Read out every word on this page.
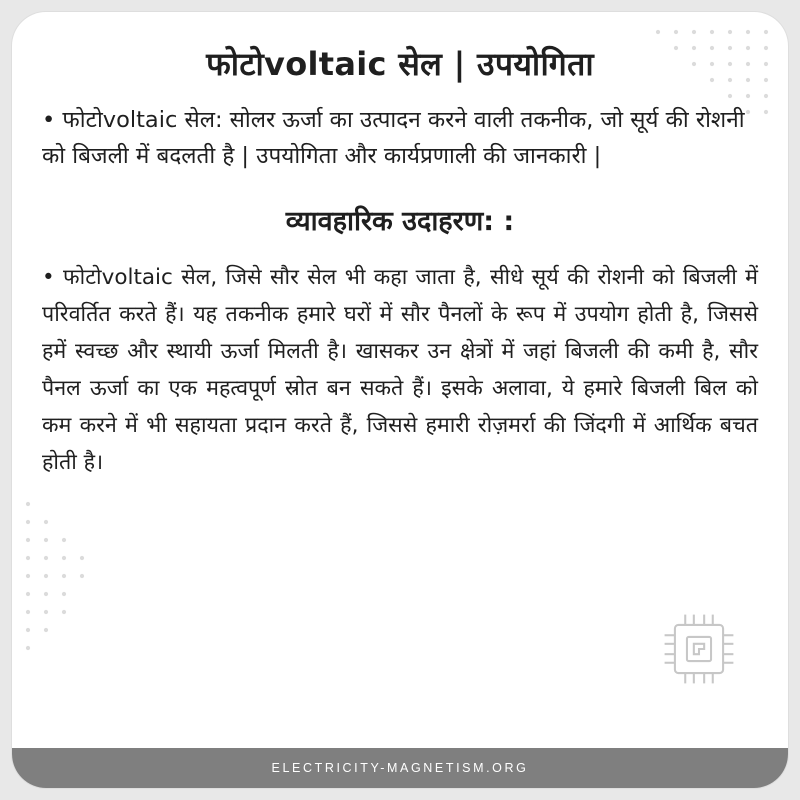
फोटोvoltaic सेल | उपयोगिता

• फोटोvoltaic सेल: सोलर ऊर्जा का उत्पादन करने वाली तकनीक, जो सूर्य की रोशनी को बिजली में बदलती है | उपयोगिता और कार्यप्रणाली की जानकारी |

व्यावहारिक उदाहरण: :

• फोटोvoltaic सेल, जिसे सौर सेल भी कहा जाता है, सीधे सूर्य की रोशनी को बिजली में परिवर्तित करते हैं। यह तकनीक हमारे घरों में सौर पैनलों के रूप में उपयोग होती है, जिससे हमें स्वच्छ और स्थायी ऊर्जा मिलती है। खासकर उन क्षेत्रों में जहां बिजली की कमी है, सौर पैनल ऊर्जा का एक महत्वपूर्ण स्रोत बन सकते हैं। इसके अलावा, ये हमारे बिजली बिल को कम करने में भी सहायता प्रदान करते हैं, जिससे हमारी रोज़मर्रा की जिंदगी में आर्थिक बचत होती है।

ELECTRICITY-MAGNETISM.ORG
